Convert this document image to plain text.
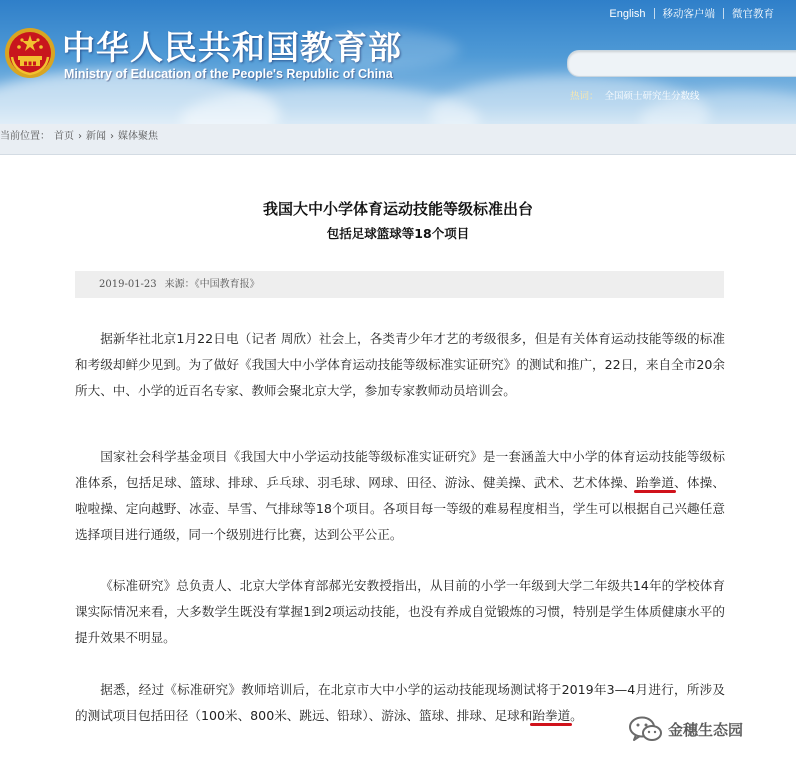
中华人民共和国教育部
Ministry of Education of the People's Republic of China
English	移动客户端	微官教育
热词： 全国硕士研究生分数线
当前位置： 首页 › 新闻 › 媒体聚焦
我国大中小学体育运动技能等级标准出台
包括足球篮球等18个项目
2019-01-23 来源：《中国教育报》

据新华社北京1月22日电（记者 周欣）社会上，各类青少年才艺的考级很多，但是有关体育运动技能等级的标准和考级却鲜少见到。为了做好《我国大中小学体育运动技能等级标准实证研究》的测试和推广，22日，来自全市20余所大、中、小学的近百名专家、教师会聚北京大学，参加专家教师动员培训会。

国家社会科学基金项目《我国大中小学运动技能等级标准实证研究》是一套涵盖大中小学的体育运动技能等级标准体系，包括足球、篮球、排球、乒乓球、羽毛球、网球、田径、游泳、健美操、武术、艺术体操、跆拳道、体操、啦啦操、定向越野、冰壶、旱雪、气排球等18个项目。各项目每一等级的难易程度相当，学生可以根据自己兴趣任意选择项目进行通级，同一个级别进行比赛，达到公平公正。

《标准研究》总负责人、北京大学体育部郝光安教授指出，从目前的小学一年级到大学二年级共14年的学校体育课实际情况来看，大多数学生既没有掌握1到2项运动技能，也没有养成自觉锻炼的习惯，特别是学生体质健康水平的提升效果不明显。

据悉，经过《标准研究》教师培训后，在北京市大中小学的运动技能现场测试将于2019年3—4月进行，所涉及的测试项目包括田径（100米、800米、跳远、铅球）、游泳、篮球、排球、足球和跆拳道。

金穗生态园
